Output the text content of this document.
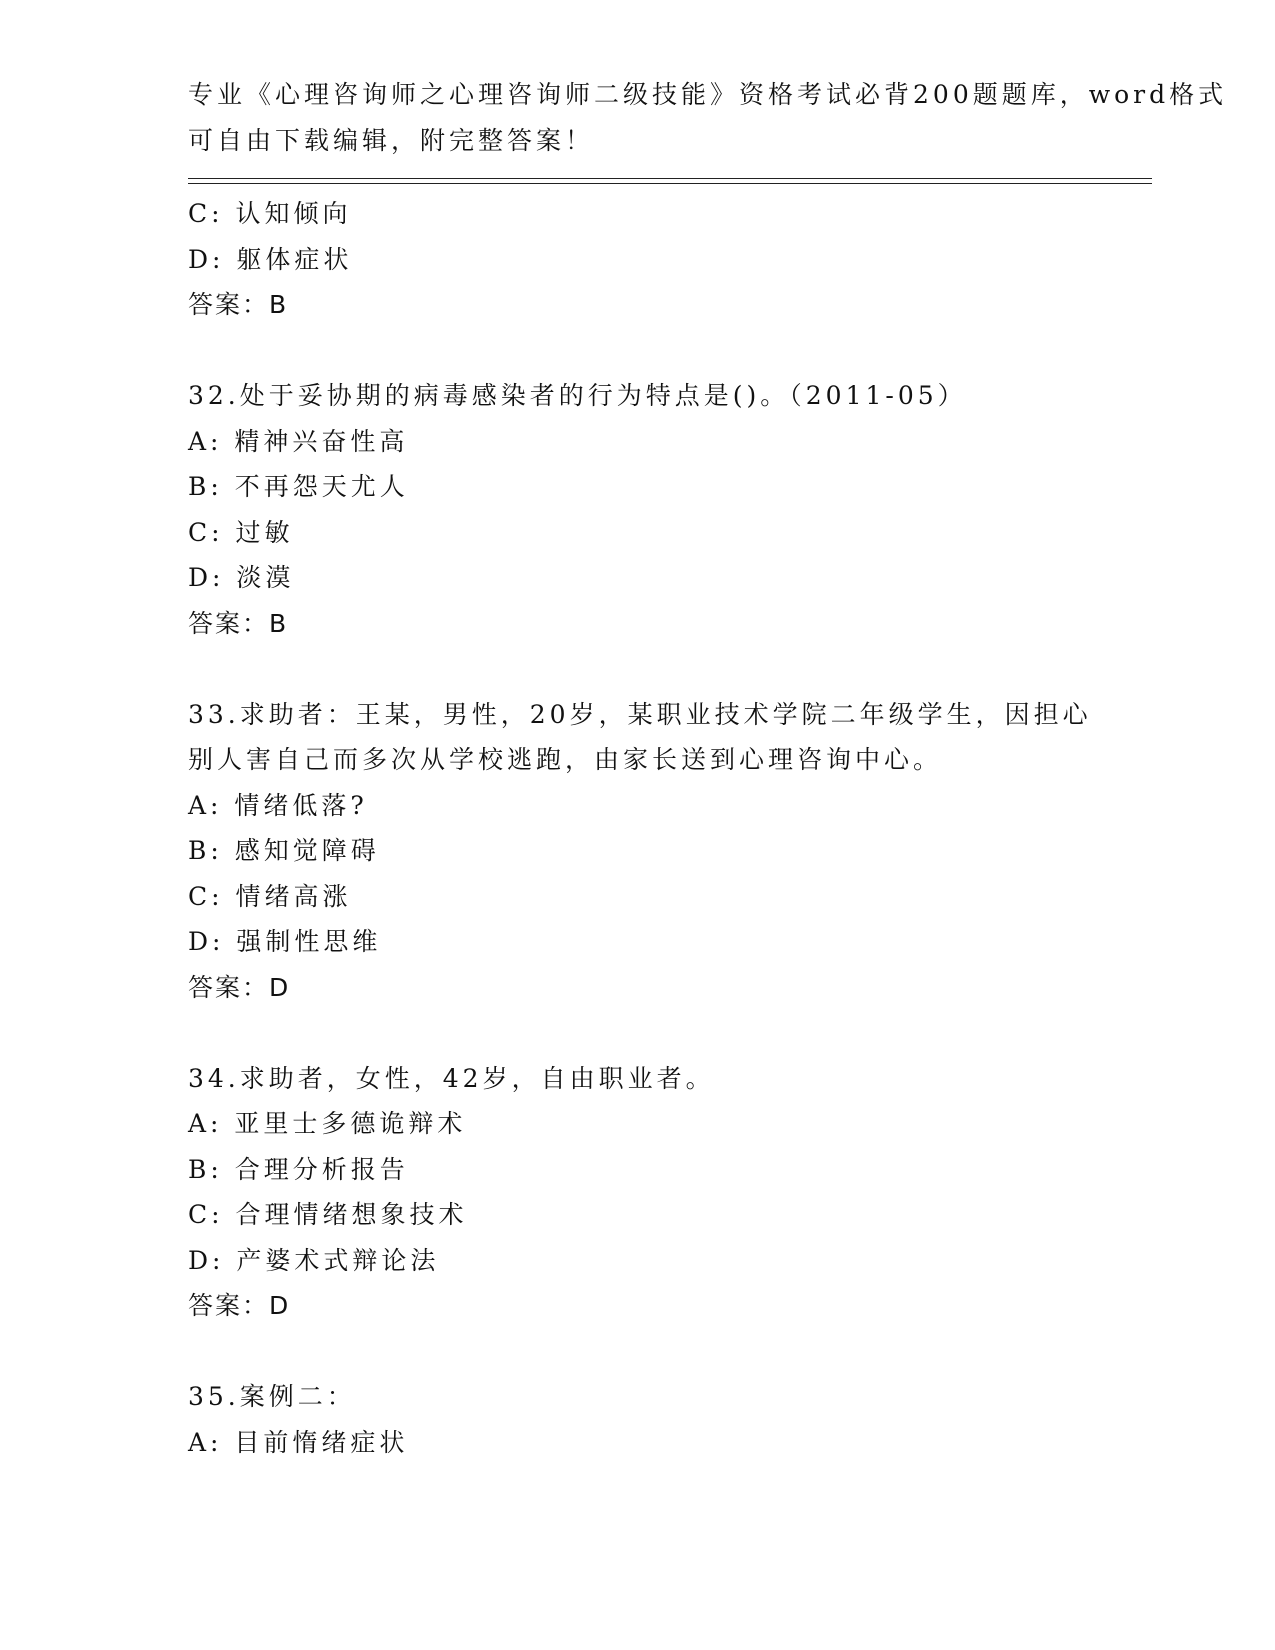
专业《心理咨询师之心理咨询师二级技能》资格考试必背200题题库，word格式
可自由下载编辑，附完整答案！
C: 认知倾向
D: 躯体症状
答案：B
32.处于妥协期的病毒感染者的行为特点是()。（2011-05）
A: 精神兴奋性高
B: 不再怨天尤人
C: 过敏
D: 淡漠
答案：B
33.求助者：王某，男性，20岁，某职业技术学院二年级学生，因担心
别人害自己而多次从学校逃跑，由家长送到心理咨询中心。
A: 情绪低落?
B: 感知觉障碍
C: 情绪高涨
D: 强制性思维
答案：D
34.求助者，女性，42岁，自由职业者。
A: 亚里士多德诡辩术
B: 合理分析报告
C: 合理情绪想象技术
D: 产婆术式辩论法
答案：D
35.案例二：
A: 目前惰绪症状
